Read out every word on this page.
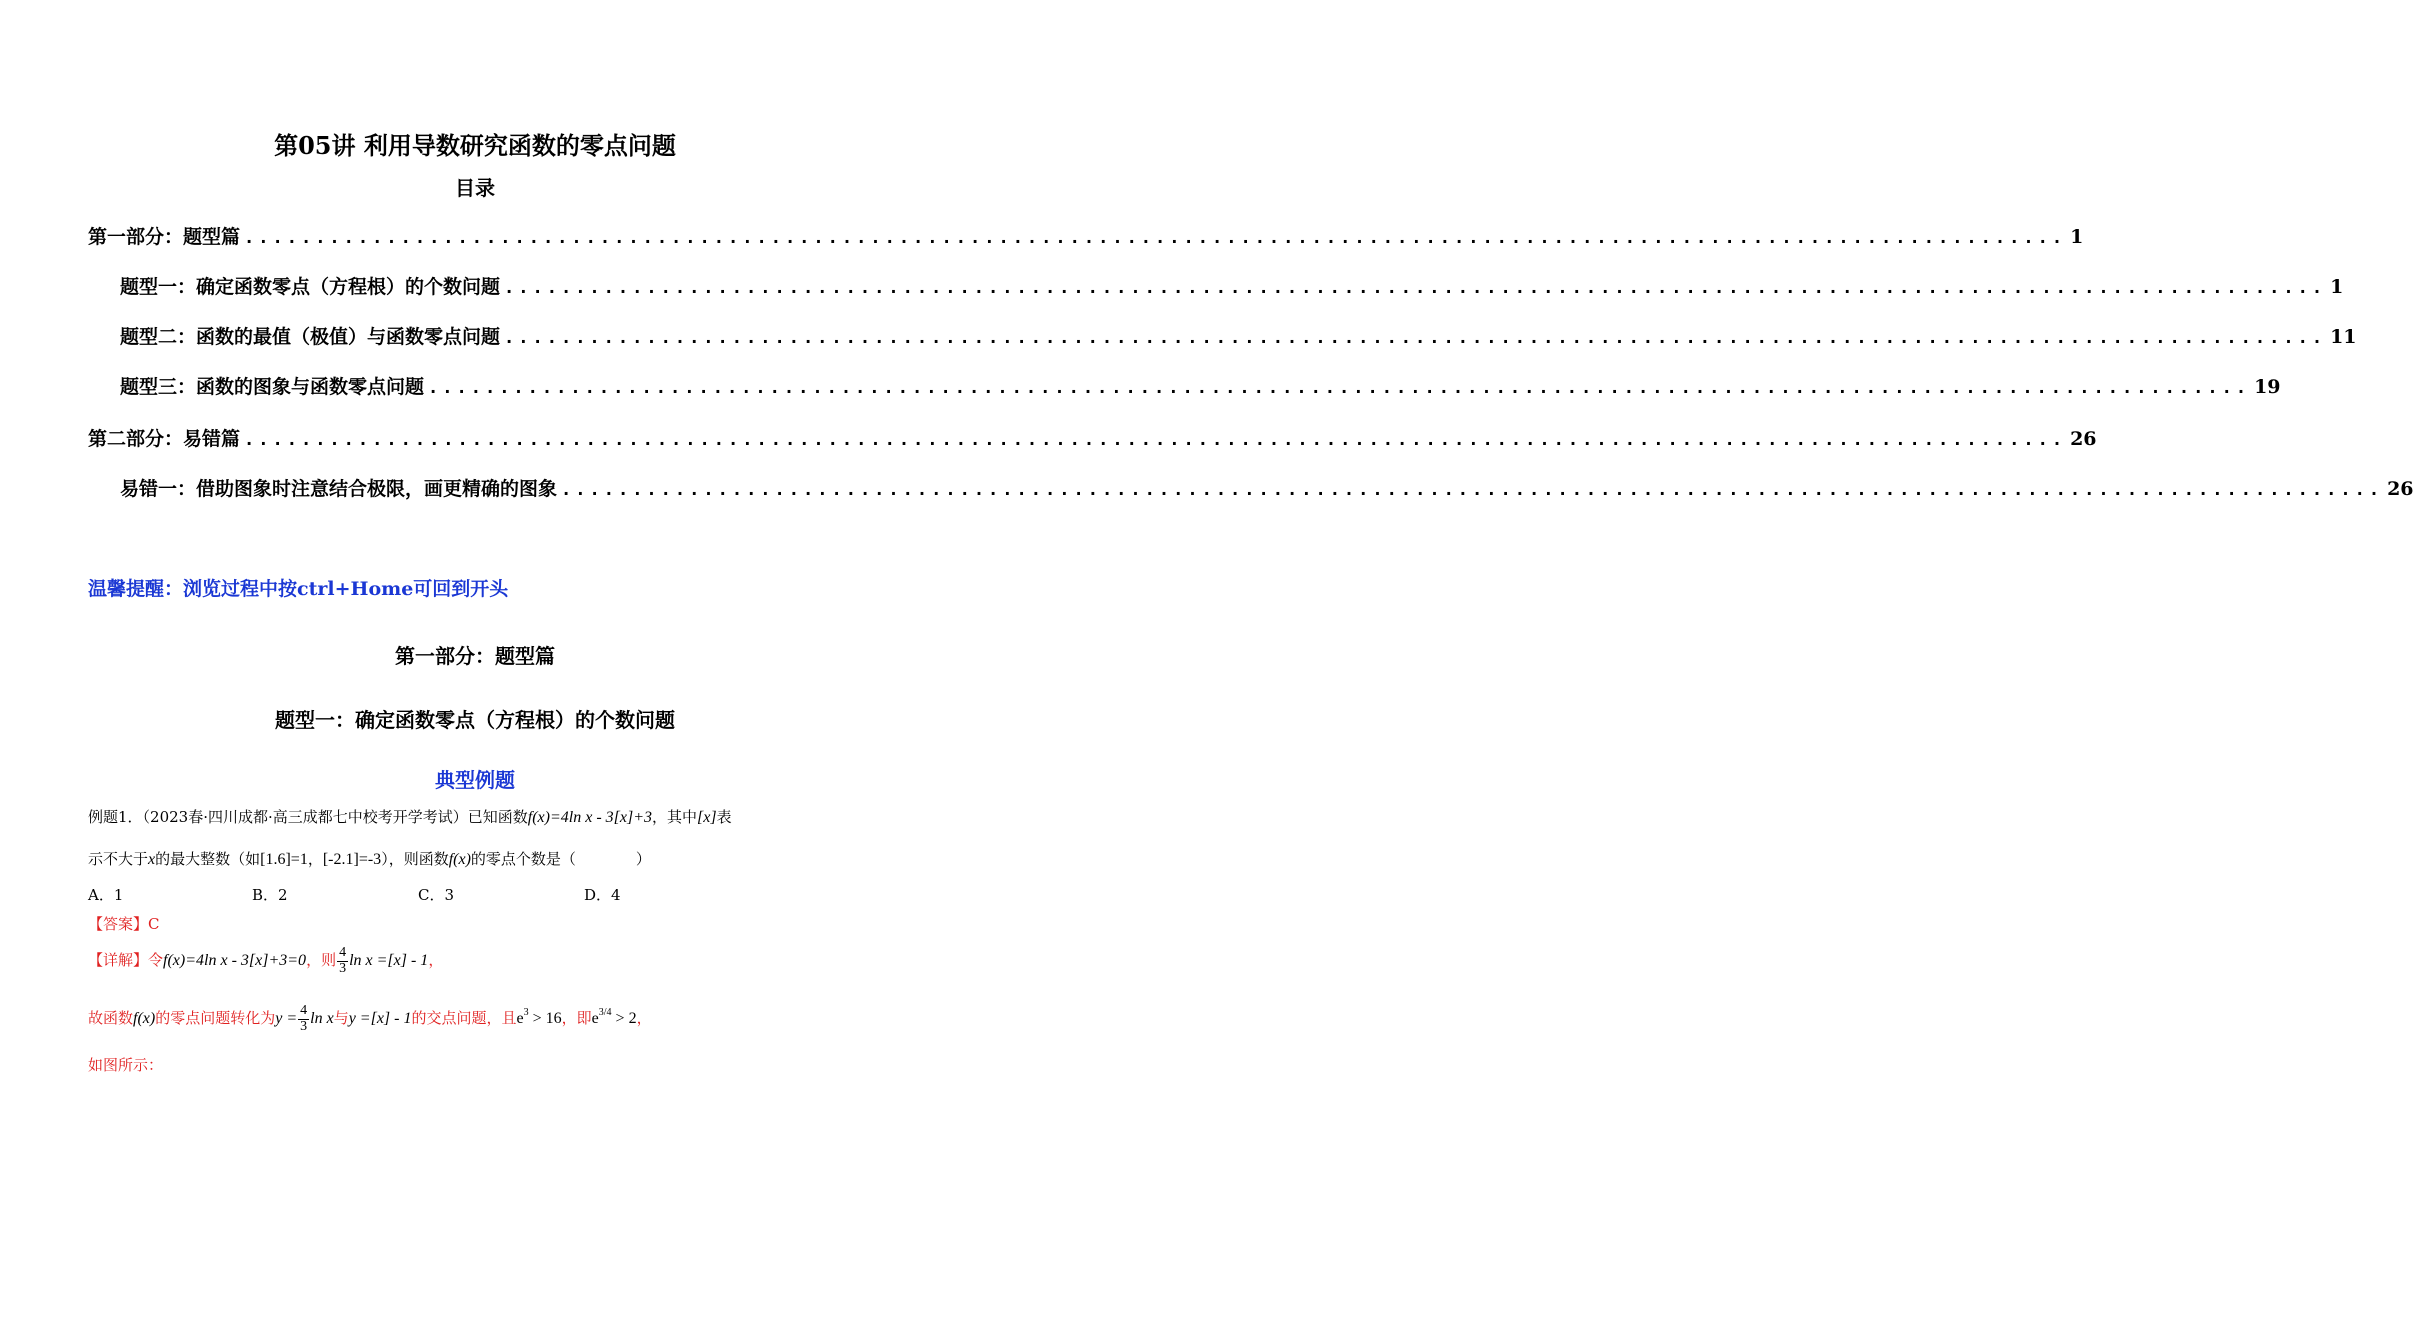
第05讲 利用导数研究函数的零点问题
目录
第一部分：题型篇 ................................................................................................................................ 1
题型一：确定函数零点（方程根）的个数问题 ................................................................................................................................ 1
题型二：函数的最值（极值）与函数零点问题 ................................................................................................................................ 11
题型三：函数的图象与函数零点问题 ................................................................................................................................ 19
第二部分：易错篇 ................................................................................................................................ 26
易错一：借助图象时注意结合极限，画更精确的图象 ................................................................................................................................ 26
温馨提醒：浏览过程中按ctrl+Home可回到开头
第一部分：题型篇
题型一：确定函数零点（方程根）的个数问题
典型例题
例题1．（2023春·四川成都·高三成都七中校考开学考试）已知函数f(x)=4ln x - 3[x]+3，其中[x]表
示不大于x的最大整数（如[1.6]=1，[-2.1]=-3），则函数f(x)的零点个数是（　　　　）
A．1	B．2	C．3	D．4
【答案】C
【详解】令f(x)=4ln x - 3[x]+3=0，则 $\frac{4}{3}$ ln x =[x] - 1，
故函数f(x)的零点问题转化为$y = \frac{4}{3}$ ln x与y =[x] - 1的交点问题，且$e^3 > 16$，即$e^{3/4} > 2$，
如图所示：
